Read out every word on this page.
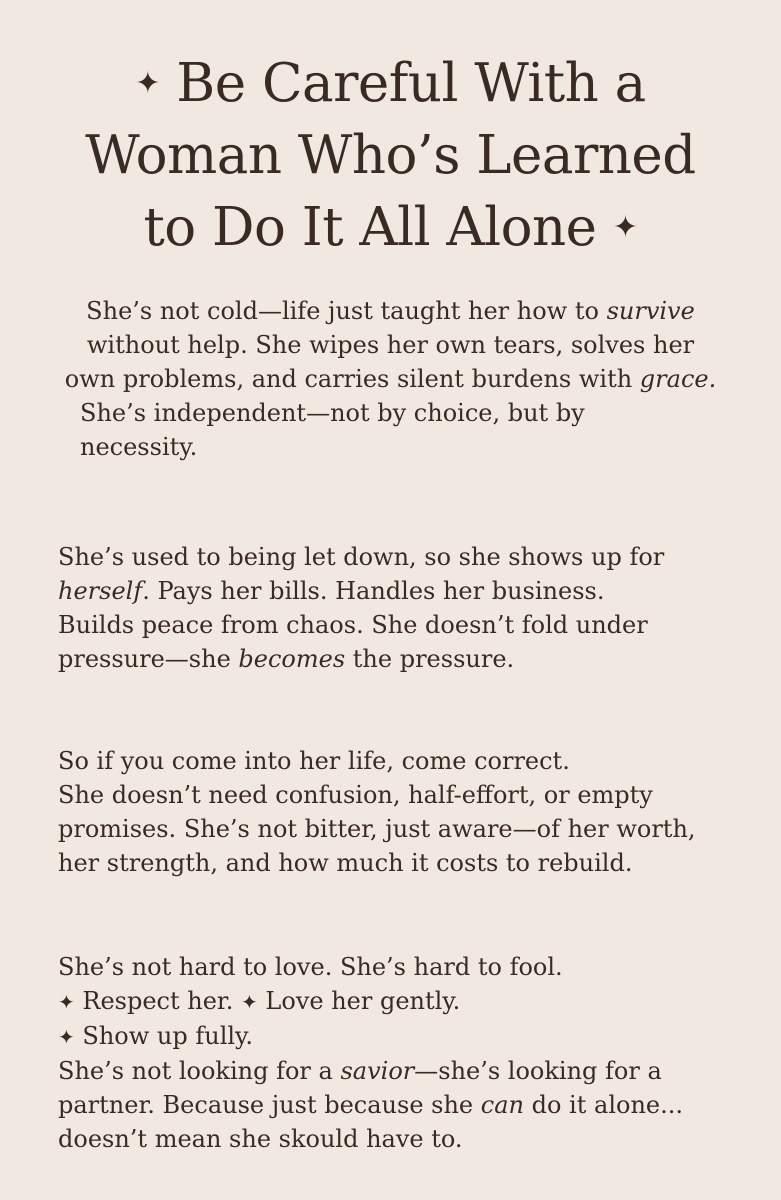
✦ Be Careful With a
Woman Who’s Learned
to Do It All Alone ✦

She’s not cold—life just taught her how to survive
without help. She wipes her own tears, solves her
own problems, and carries silent burdens with grace.
She’s independent—not by choice, but by
necessity.

She’s used to being let down, so she shows up for
herself. Pays her bills. Handles her business.
Builds peace from chaos. She doesn’t fold under
pressure—she becomes the pressure.

So if you come into her life, come correct.
She doesn’t need confusion, half-effort, or empty
promises. She’s not bitter, just aware—of her worth,
her strength, and how much it costs to rebuild.

She’s not hard to love. She’s hard to fool.
✦ Respect her. ✦ Love her gently.
✦ Show up fully.
She’s not looking for a savior—she’s looking for a
partner. Because just because she can do it alone...
doesn’t mean she skould have to.
